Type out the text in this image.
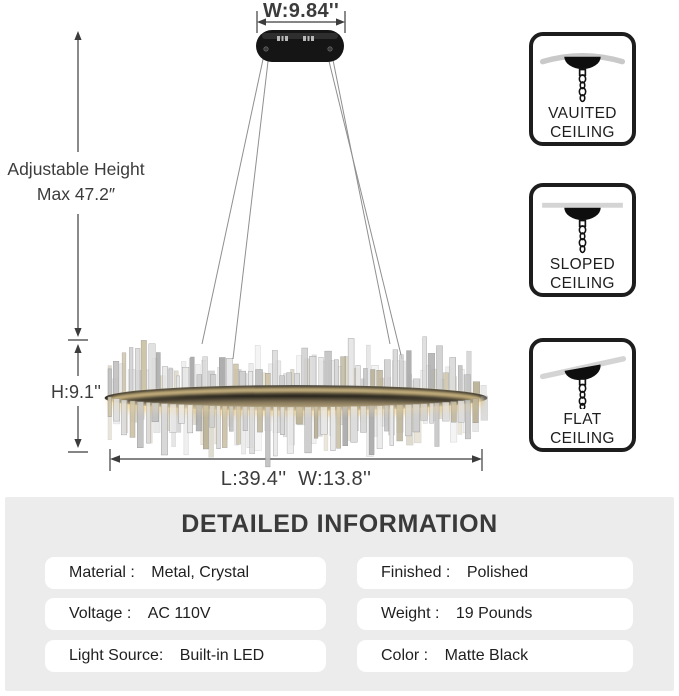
W:9.84''
Adjustable Height
Max 47.2″
H:9.1''
L:39.4''  W:13.8''
VAUITED
CEILING
SLOPED
CEILING
FLAT
CEILING
DETAILED INFORMATION
Material : Metal, Crystal
Voltage : AC 110V
Light Source: Built-in LED
Finished : Polished
Weight : 19 Pounds
Color : Matte Black
